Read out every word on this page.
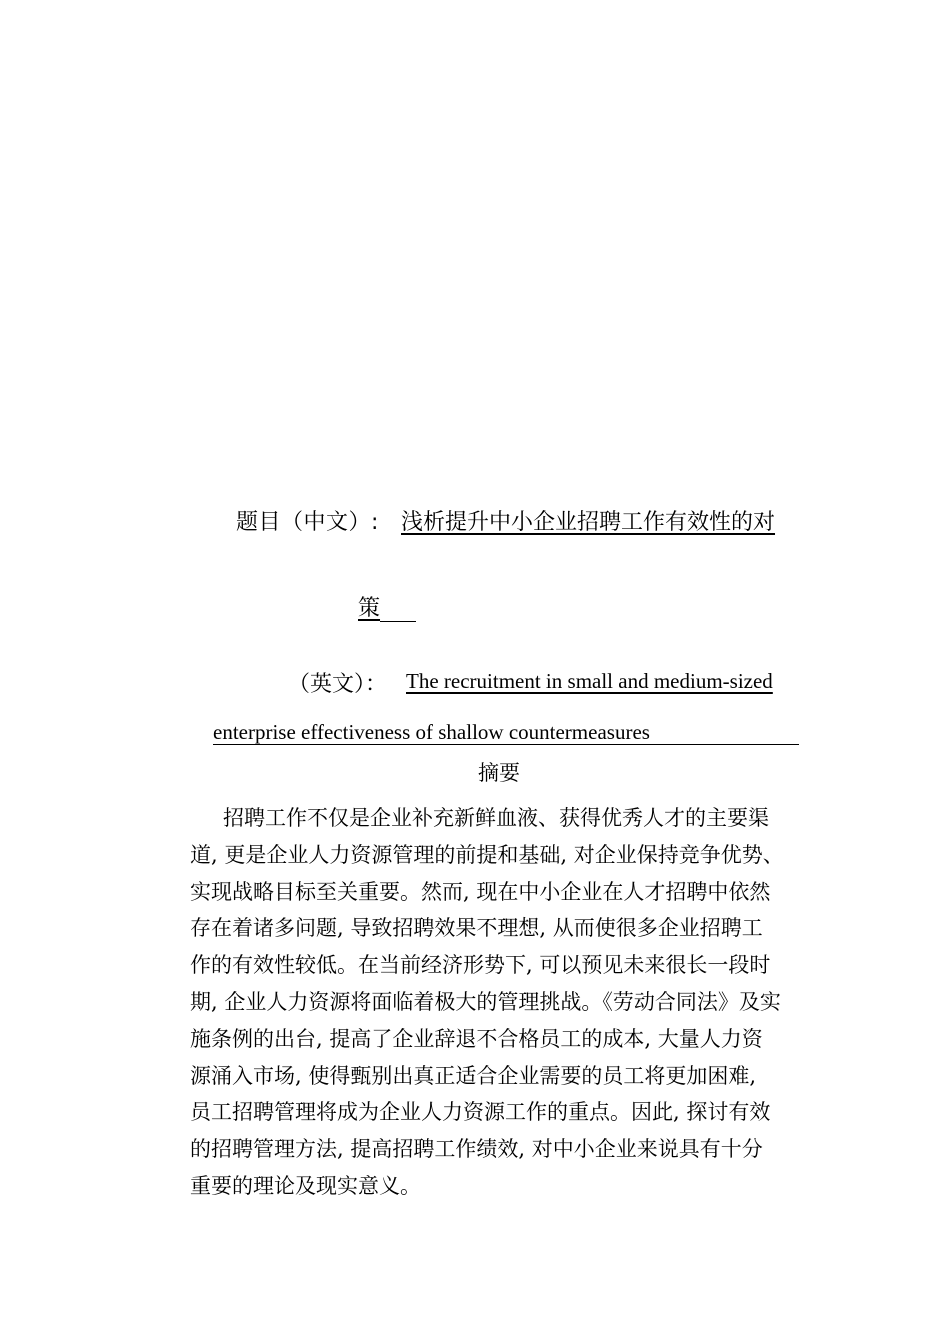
题目（中文）: 浅析提升中小企业招聘工作有效性的对
策
（英文）： The recruitment in small and medium-sized
enterprise effectiveness of shallow countermeasures
摘要
招聘工作不仅是企业补充新鲜血液、获得优秀人才的主要渠
道, 更是企业人力资源管理的前提和基础, 对企业保持竞争优势、
实现战略目标至关重要。然而, 现在中小企业在人才招聘中依然
存在着诸多问题, 导致招聘效果不理想, 从而使很多企业招聘工
作的有效性较低。在当前经济形势下, 可以预见未来很长一段时
期, 企业人力资源将面临着极大的管理挑战。《劳动合同法》及实
施条例的出台, 提高了企业辞退不合格员工的成本, 大量人力资
源涌入市场, 使得甄别出真正适合企业需要的员工将更加困难,
员工招聘管理将成为企业人力资源工作的重点。因此, 探讨有效
的招聘管理方法, 提高招聘工作绩效, 对中小企业来说具有十分
重要的理论及现实意义。
